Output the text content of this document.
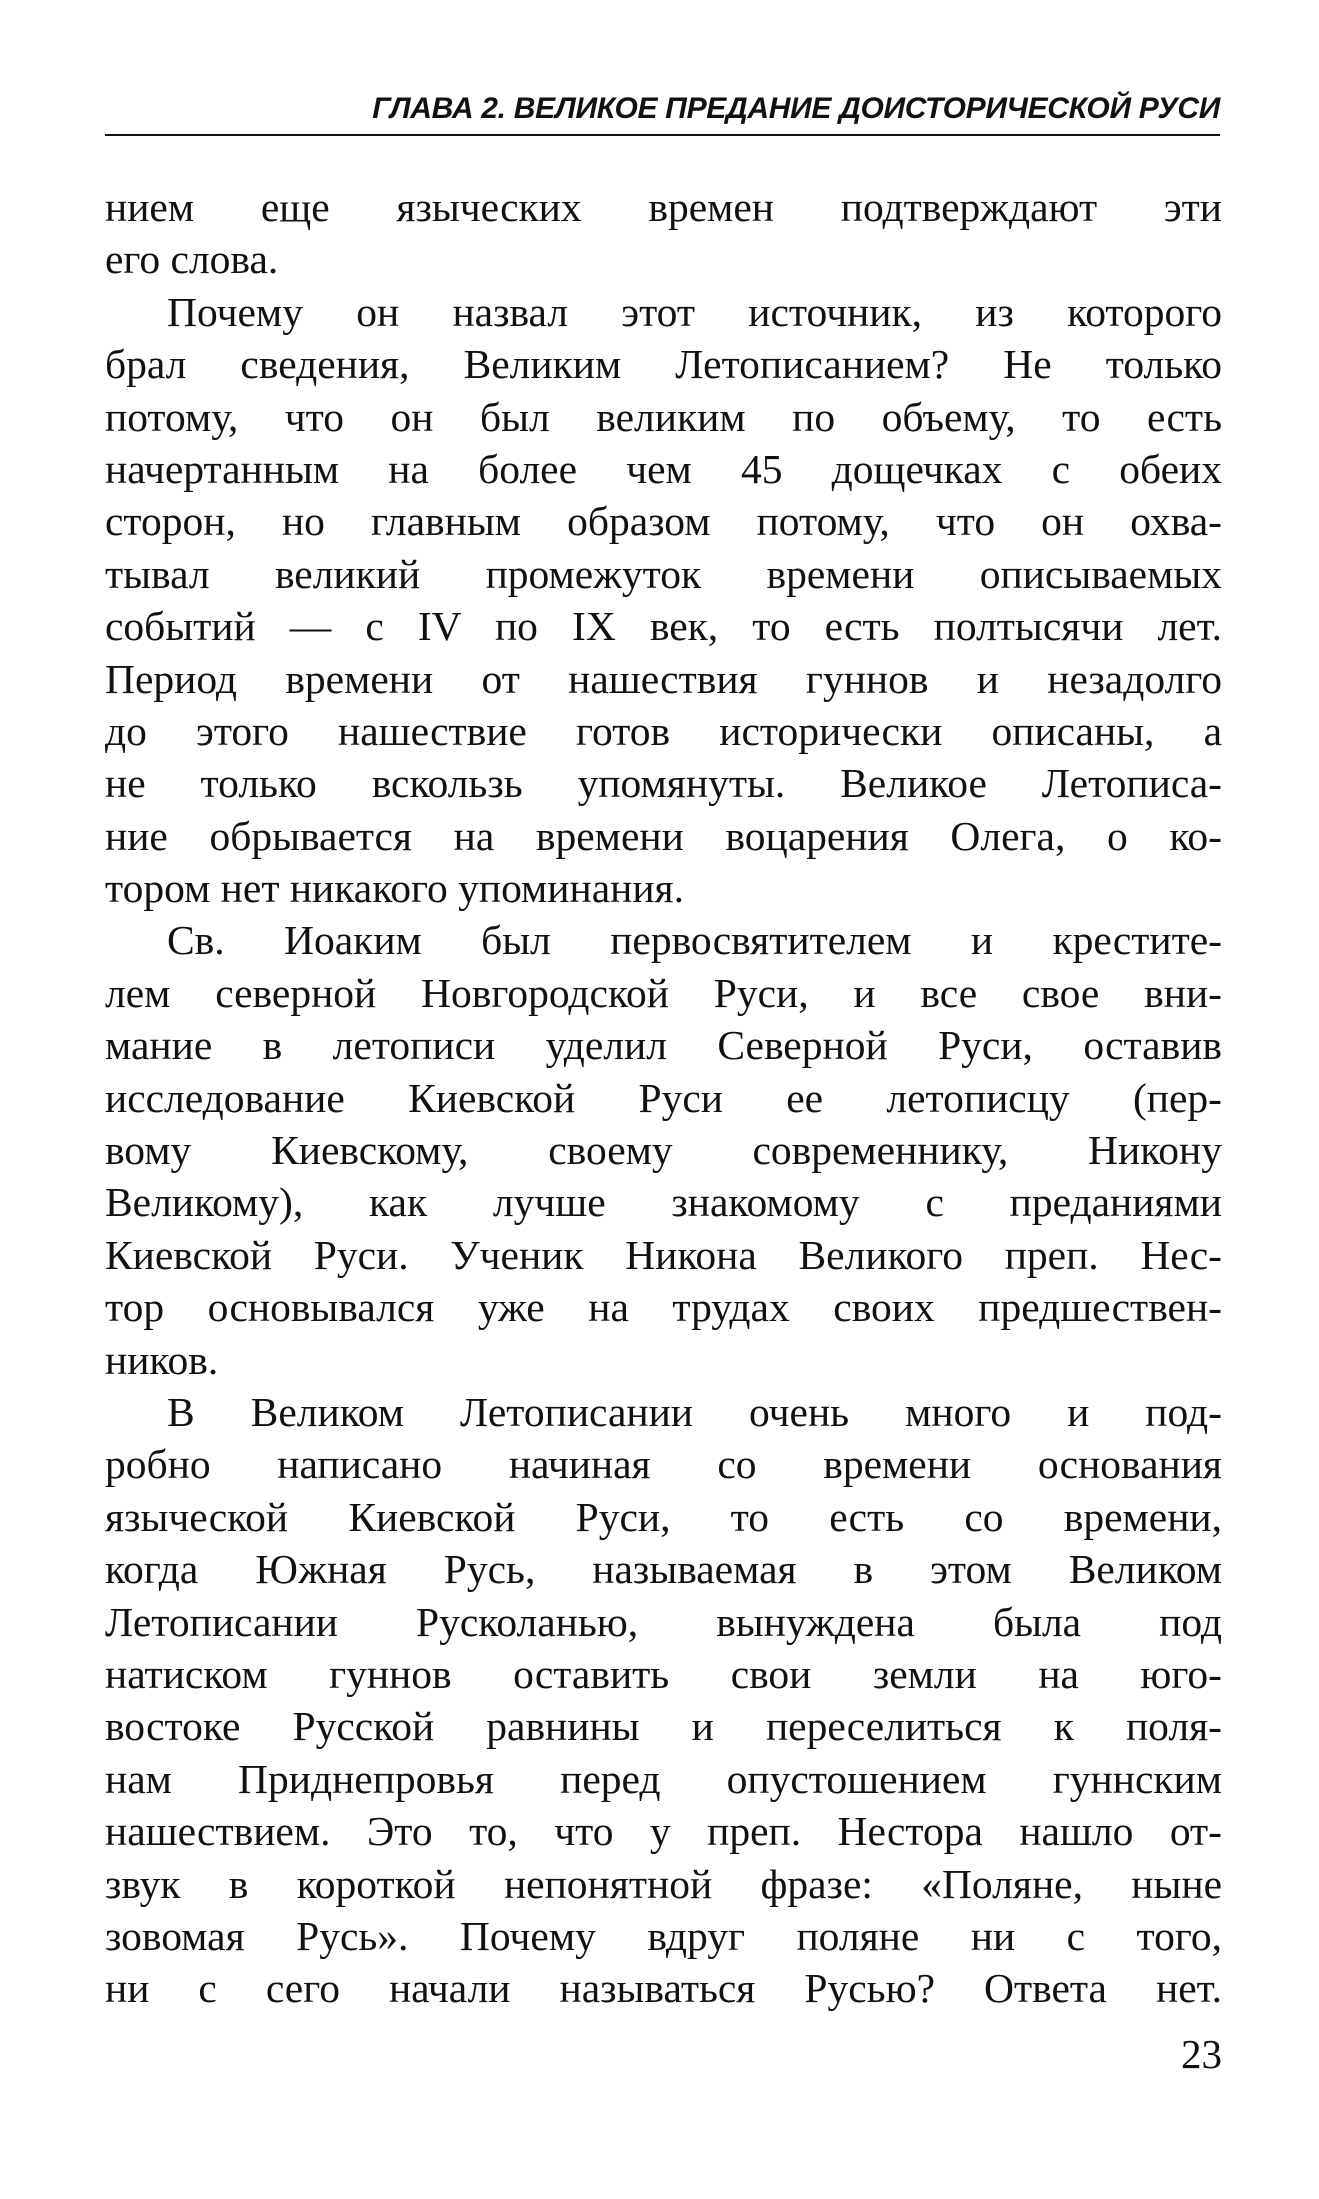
ГЛАВА 2. ВЕЛИКОЕ ПРЕДАНИЕ ДОИСТОРИЧЕСКОЙ РУСИ
нием еще языческих времен подтверждают эти
его слова.
Почему он назвал этот источник, из которого
брал сведения, Великим Летописанием? Не только
потому, что он был великим по объему, то есть
начертанным на более чем 45 дощечках с обеих
сторон, но главным образом потому, что он охва-
тывал великий промежуток времени описываемых
событий — с IV по IX век, то есть полтысячи лет.
Период времени от нашествия гуннов и незадолго
до этого нашествие готов исторически описаны, а
не только вскользь упомянуты. Великое Летописа-
ние обрывается на времени воцарения Олега, о ко-
тором нет никакого упоминания.
Св. Иоаким был первосвятителем и крестите-
лем северной Новгородской Руси, и все свое вни-
мание в летописи уделил Северной Руси, оставив
исследование Киевской Руси ее летописцу (пер-
вому Киевскому, своему современнику, Никону
Великому), как лучше знакомому с преданиями
Киевской Руси. Ученик Никона Великого преп. Нес-
тор основывался уже на трудах своих предшествен-
ников.
В Великом Летописании очень много и под-
робно написано начиная со времени основания
языческой Киевской Руси, то есть со времени,
когда Южная Русь, называемая в этом Великом
Летописании Русколанью, вынуждена была под
натиском гуннов оставить свои земли на юго-
востоке Русской равнины и переселиться к поля-
нам Приднепровья перед опустошением гуннским
нашествием. Это то, что у преп. Нестора нашло от-
звук в короткой непонятной фразе: «Поляне, ныне
зовомая Русь». Почему вдруг поляне ни с того,
ни с сего начали называться Русью? Ответа нет.
23
